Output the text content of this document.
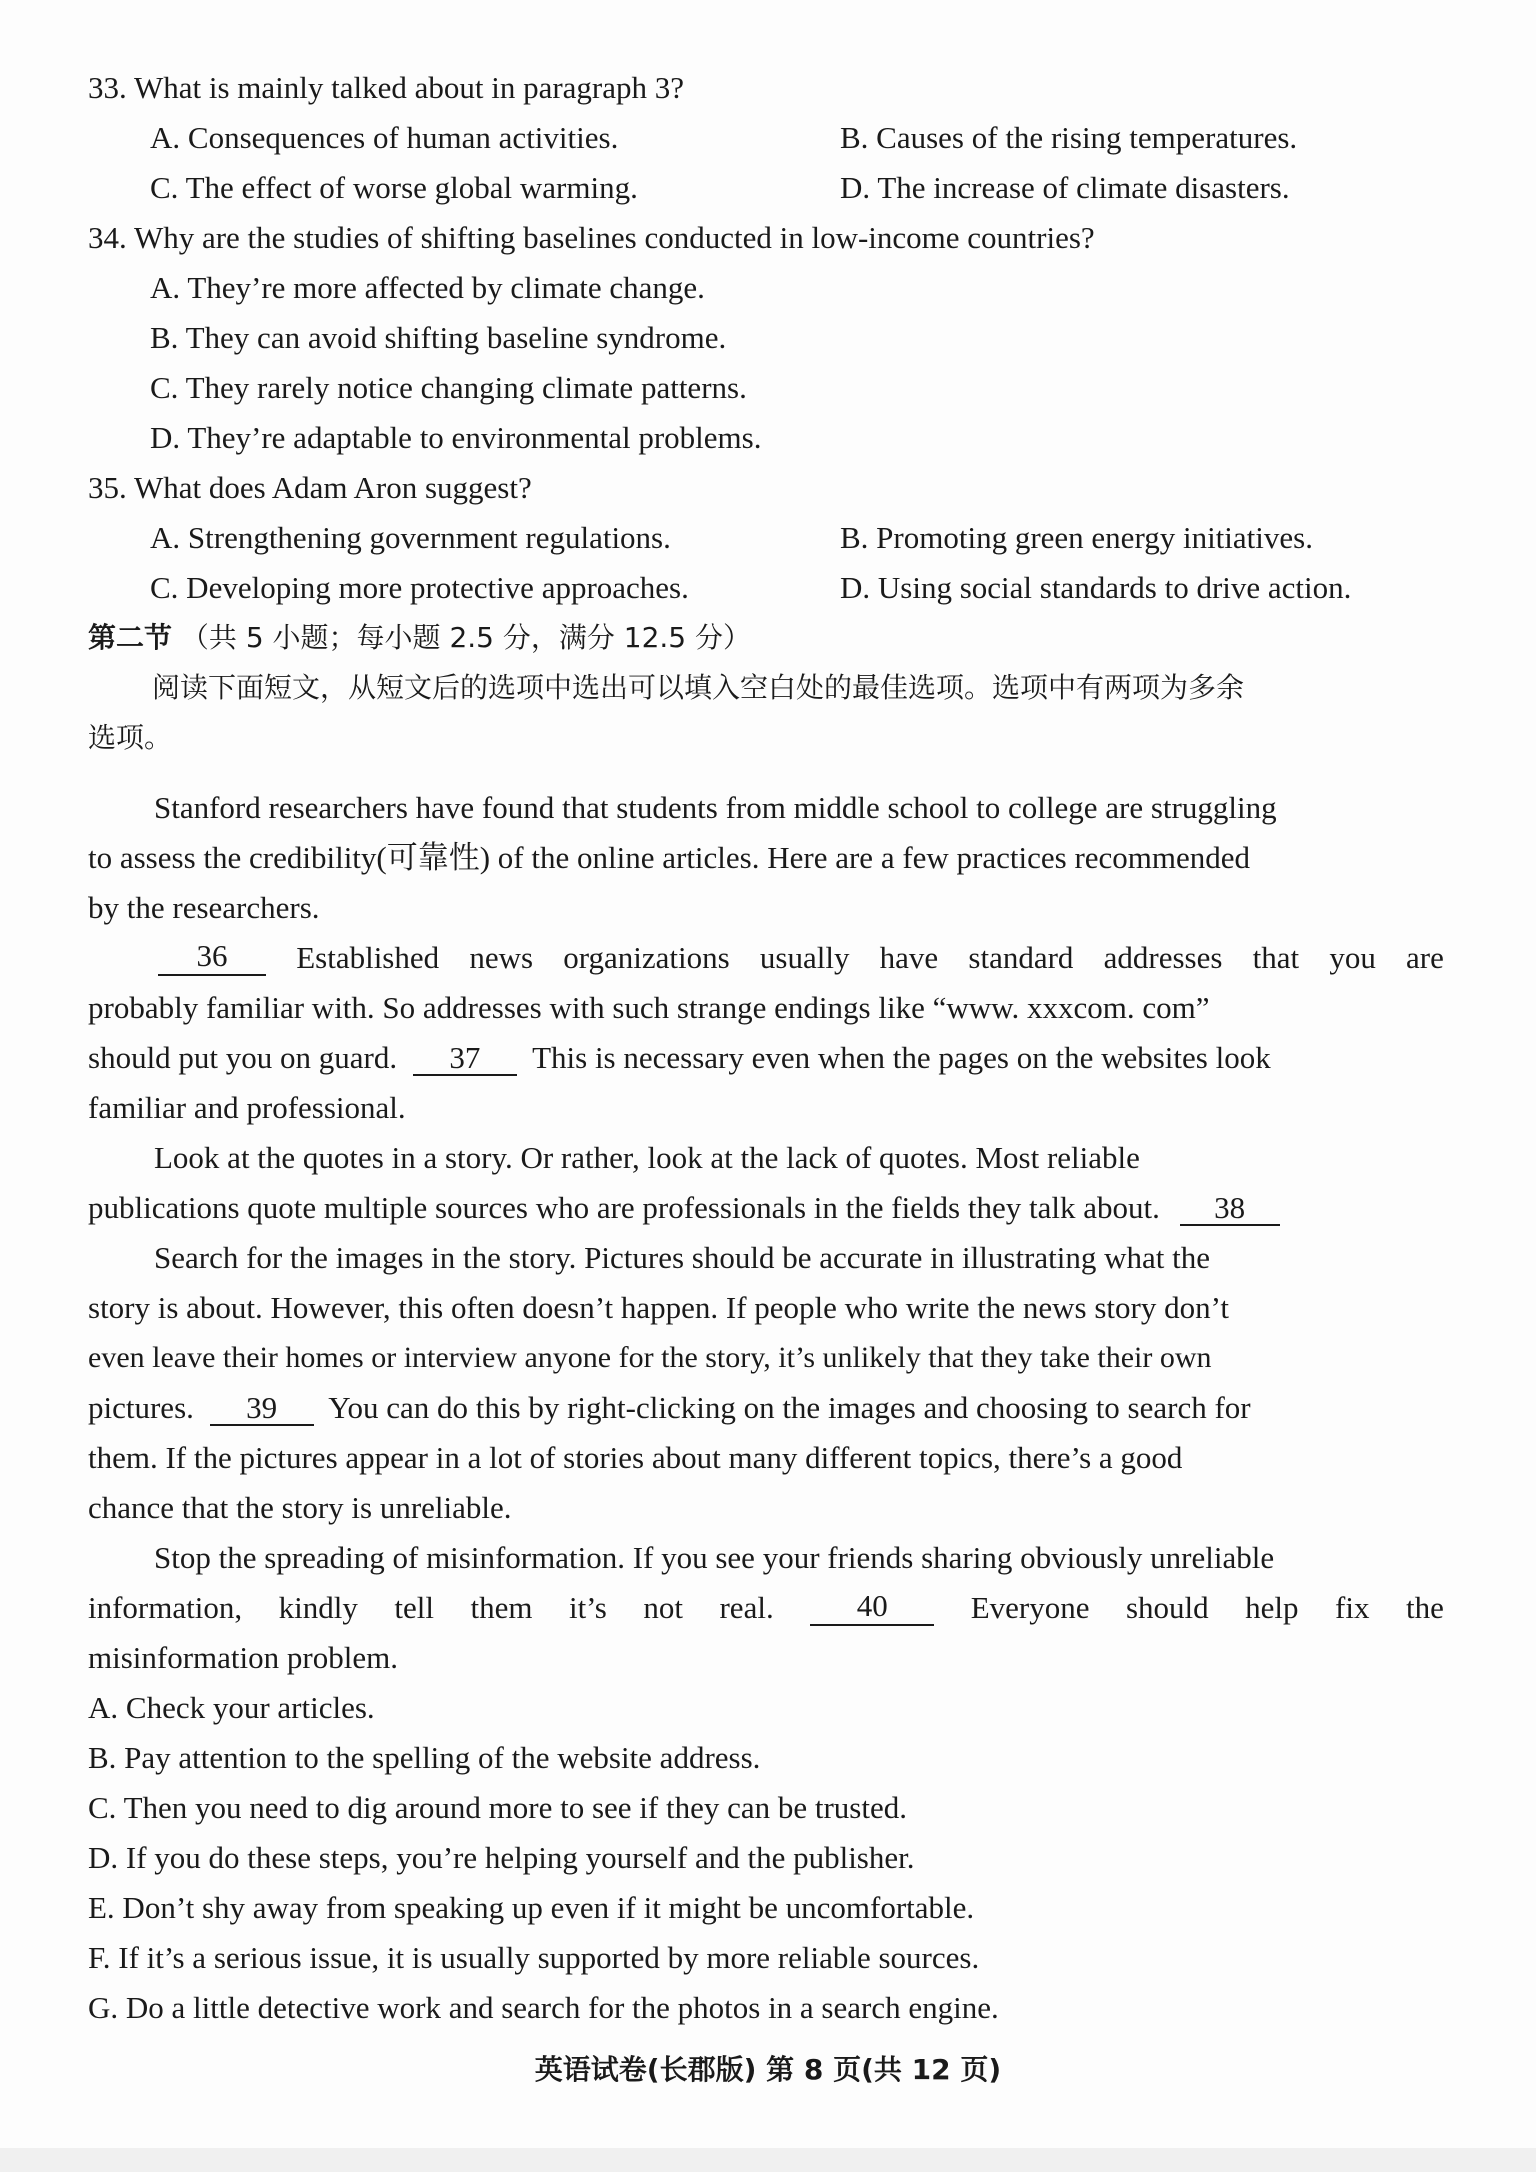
33. What is mainly talked about in paragraph 3?
A. Consequences of human activities.	B. Causes of the rising temperatures.
C. The effect of worse global warming.	D. The increase of climate disasters.
34. Why are the studies of shifting baselines conducted in low-income countries?
A. They’re more affected by climate change.
B. They can avoid shifting baseline syndrome.
C. They rarely notice changing climate patterns.
D. They’re adaptable to environmental problems.
35. What does Adam Aron suggest?
A. Strengthening government regulations.	B. Promoting green energy initiatives.
C. Developing more protective approaches.	D. Using social standards to drive action.
第二节 （共 5 小题；每小题 2.5 分，满分 12.5 分）
阅读下面短文，从短文后的选项中选出可以填入空白处的最佳选项。选项中有两项为多余
选项。
Stanford researchers have found that students from middle school to college are struggling
to assess the credibility(可靠性) of the online articles. Here are a few practices recommended
by the researchers.
36	Established news organizations usually have standard addresses that you are
probably familiar with. So addresses with such strange endings like “www. xxxcom. com”
should put you on guard. 37 This is necessary even when the pages on the websites look
familiar and professional.
Look at the quotes in a story. Or rather, look at the lack of quotes. Most reliable
publications quote multiple sources who are professionals in the fields they talk about. 38
Search for the images in the story. Pictures should be accurate in illustrating what the
story is about. However, this often doesn’t happen. If people who write the news story don’t
even leave their homes or interview anyone for the story, it’s unlikely that they take their own
pictures. 39 You can do this by right-clicking on the images and choosing to search for
them. If the pictures appear in a lot of stories about many different topics, there’s a good
chance that the story is unreliable.
Stop the spreading of misinformation. If you see your friends sharing obviously unreliable
information, kindly tell them it’s not real.	40	Everyone should help fix the
misinformation problem.
A. Check your articles.
B. Pay attention to the spelling of the website address.
C. Then you need to dig around more to see if they can be trusted.
D. If you do these steps, you’re helping yourself and the publisher.
E. Don’t shy away from speaking up even if it might be uncomfortable.
F. If it’s a serious issue, it is usually supported by more reliable sources.
G. Do a little detective work and search for the photos in a search engine.
英语试卷(长郡版) 第 8 页(共 12 页)
